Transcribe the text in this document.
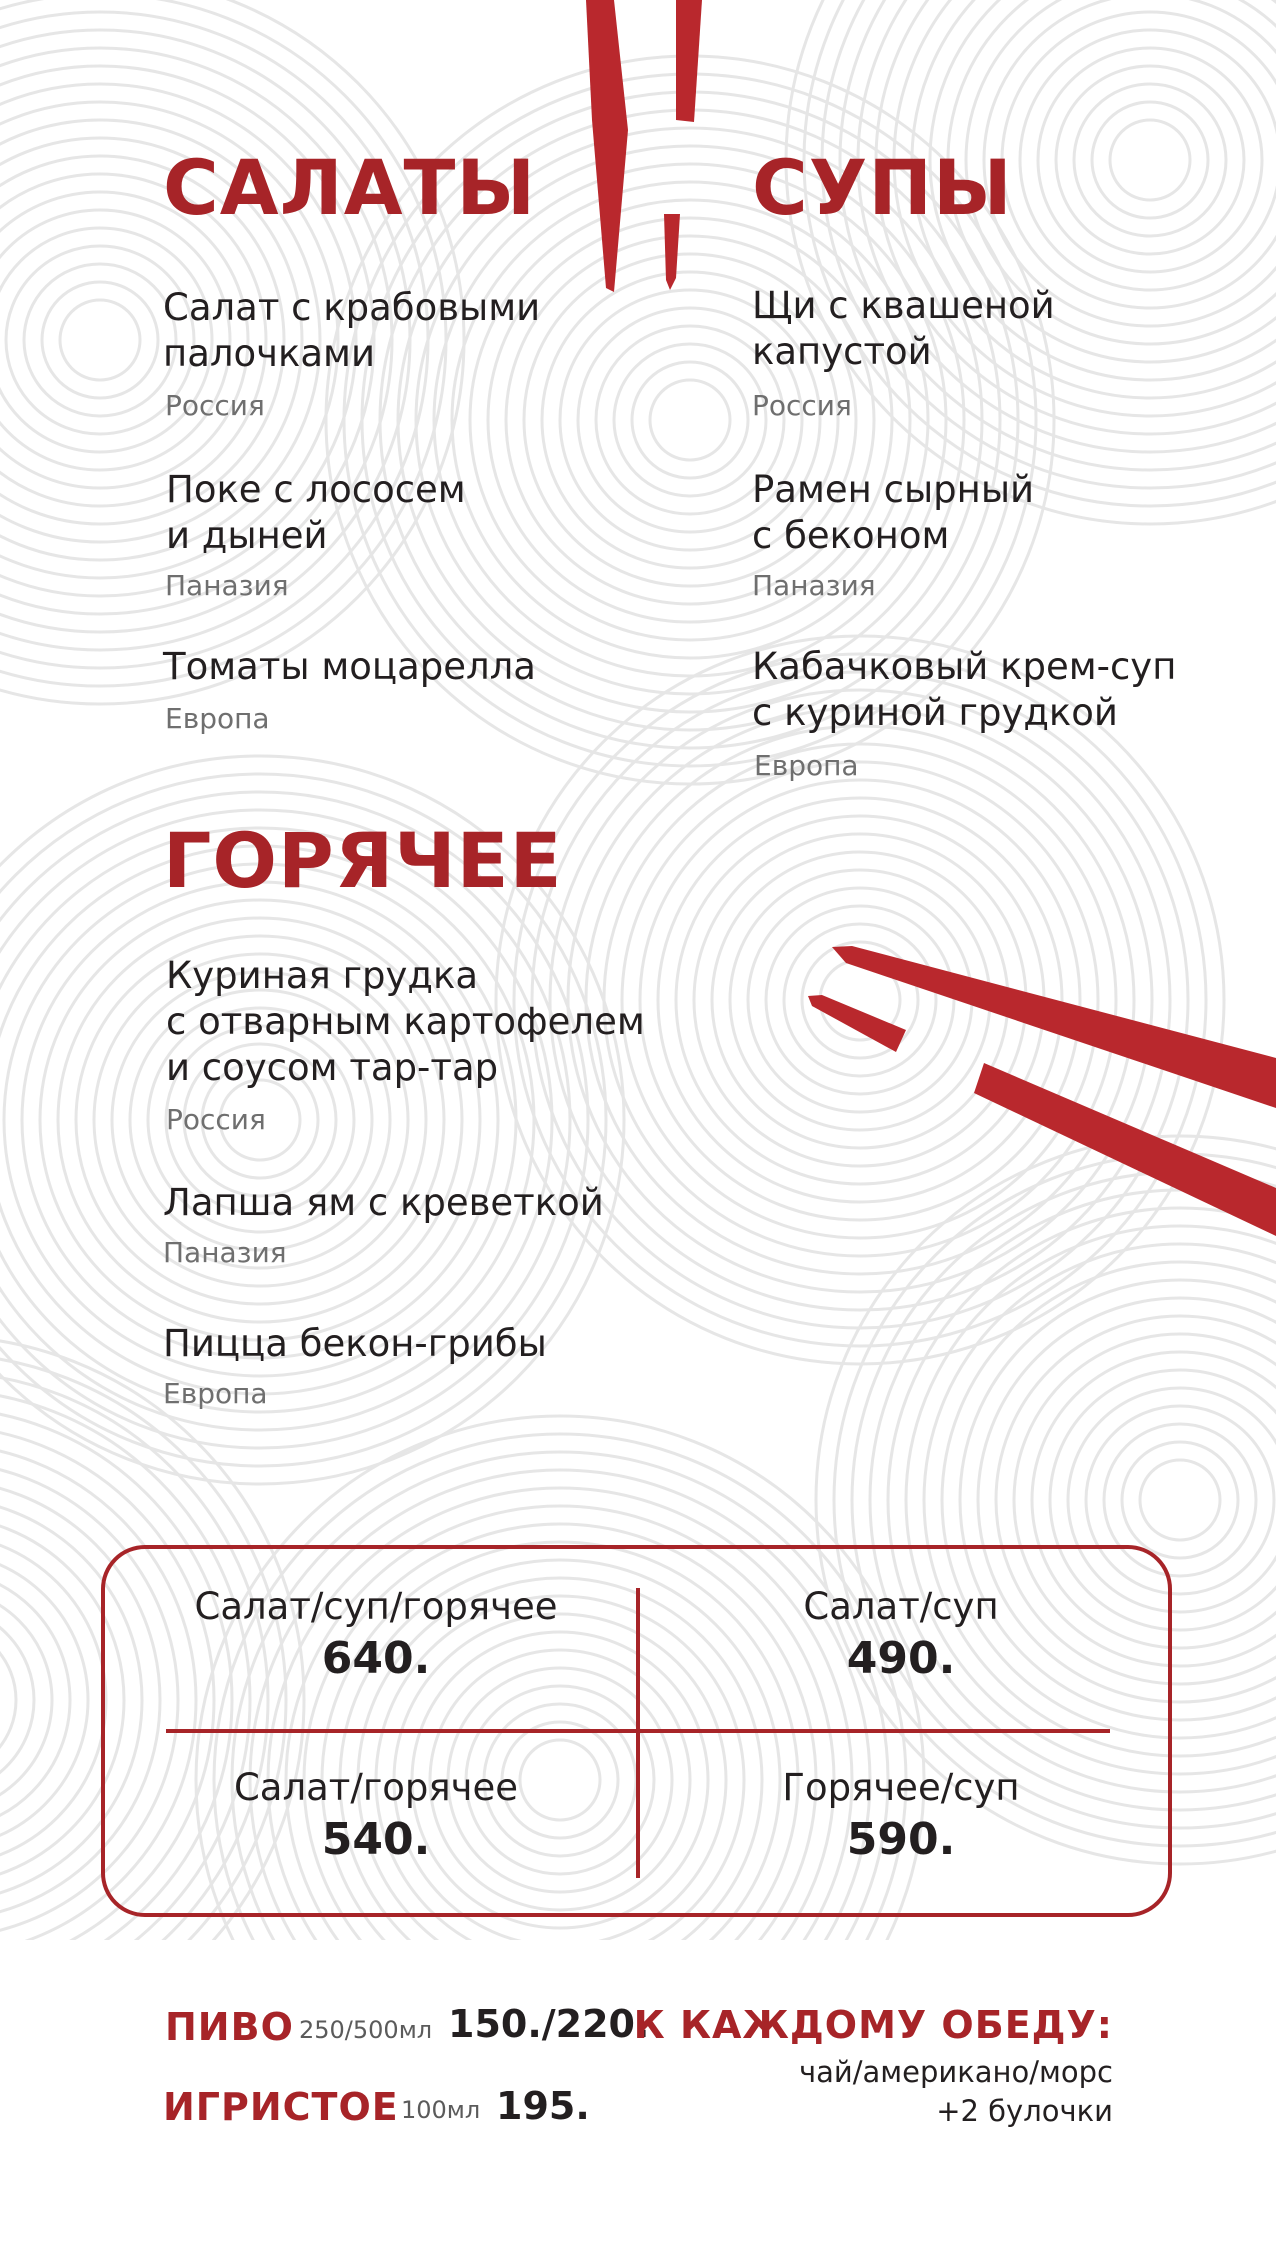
САЛАТЫ

Салат с крабовыми
палочками

Россия

Поке с лососем
и дыней

Паназия

Томаты моцарелла

Европа

СУПЫ

Щи с квашеной
капустой

Россия

Рамен сырный
с беконом

Паназия

Кабачковый крем-суп
с куриной грудкой

Европа

ГОРЯЧЕЕ

Куриная грудка
с отварным картофелем
и соусом тар-тар

Россия

Лапша ям с креветкой

Паназия

Пицца бекон-грибы

Европа

Салат/суп/горячее
640.
Салат/суп
490.
Салат/горячее
540.
Горячее/суп
590.
ПИВО 250/500мл 150./220.
ИГРИСТОЕ 100мл 195.
К КАЖДОМУ ОБЕДУ:
чай/американо/морс
+2 булочки
